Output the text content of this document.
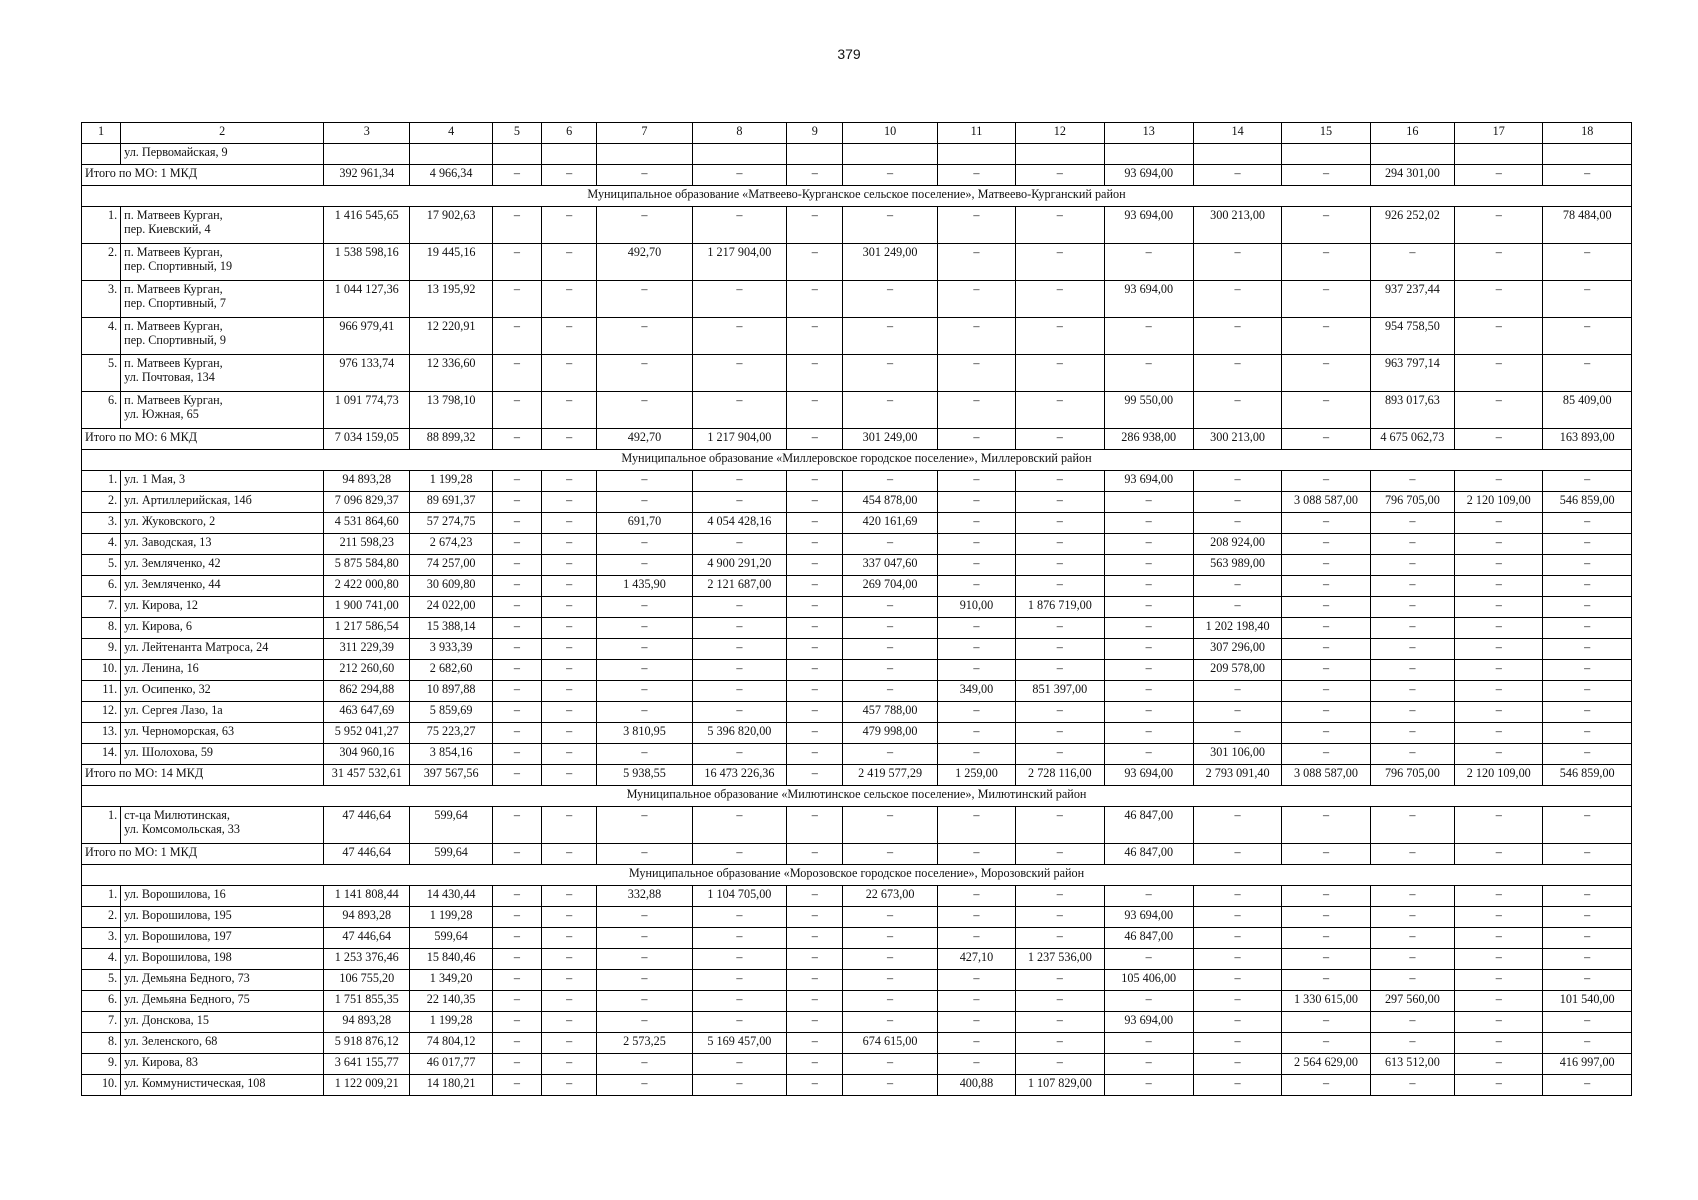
379
1	2	3	4	5	6	7	8	9	10	11	12	13	14	15	16	17	18
	ул. Первомайская, 9																
Итого по МО: 1 МКД		392 961,34	4 966,34	–	–	–	–	–	–	–	–	93 694,00	–	–	294 301,00	–	–
Муниципальное образование «Матвеево-Курганское сельское поселение», Матвеево-Курганский район																	
1.	п. Матвеев Курган,
пер. Киевский, 4	1 416 545,65	17 902,63	–	–	–	–	–	–	–	–	93 694,00	300 213,00	–	926 252,02	–	78 484,00
2.	п. Матвеев Курган,
пер. Спортивный, 19	1 538 598,16	19 445,16	–	–	492,70	1 217 904,00	–	301 249,00	–	–	–	–	–	–	–	–
3.	п. Матвеев Курган,
пер. Спортивный, 7	1 044 127,36	13 195,92	–	–	–	–	–	–	–	–	93 694,00	–	–	937 237,44	–	–
4.	п. Матвеев Курган,
пер. Спортивный, 9	966 979,41	12 220,91	–	–	–	–	–	–	–	–	–	–	–	954 758,50	–	–
5.	п. Матвеев Курган,
ул. Почтовая, 134	976 133,74	12 336,60	–	–	–	–	–	–	–	–	–	–	–	963 797,14	–	–
6.	п. Матвеев Курган,
ул. Южная, 65	1 091 774,73	13 798,10	–	–	–	–	–	–	–	–	99 550,00	–	–	893 017,63	–	85 409,00
Итого по МО: 6 МКД		7 034 159,05	88 899,32	–	–	492,70	1 217 904,00	–	301 249,00	–	–	286 938,00	300 213,00	–	4 675 062,73	–	163 893,00
Муниципальное образование «Миллеровское городское поселение», Миллеровский район																	
1.	ул. 1 Мая, 3	94 893,28	1 199,28	–	–	–	–	–	–	–	–	93 694,00	–	–	–	–	–
2.	ул. Артиллерийская, 14б	7 096 829,37	89 691,37	–	–	–	–	–	454 878,00	–	–	–	–	3 088 587,00	796 705,00	2 120 109,00	546 859,00
3.	ул. Жуковского, 2	4 531 864,60	57 274,75	–	–	691,70	4 054 428,16	–	420 161,69	–	–	–	–	–	–	–	–
4.	ул. Заводская, 13	211 598,23	2 674,23	–	–	–	–	–	–	–	–	–	208 924,00	–	–	–	–
5.	ул. Земляченко, 42	5 875 584,80	74 257,00	–	–	–	4 900 291,20	–	337 047,60	–	–	–	563 989,00	–	–	–	–
6.	ул. Земляченко, 44	2 422 000,80	30 609,80	–	–	1 435,90	2 121 687,00	–	269 704,00	–	–	–	–	–	–	–	–
7.	ул. Кирова, 12	1 900 741,00	24 022,00	–	–	–	–	–	–	910,00	1 876 719,00	–	–	–	–	–	–
8.	ул. Кирова, 6	1 217 586,54	15 388,14	–	–	–	–	–	–	–	–	–	1 202 198,40	–	–	–	–
9.	ул. Лейтенанта Матроса, 24	311 229,39	3 933,39	–	–	–	–	–	–	–	–	–	307 296,00	–	–	–	–
10.	ул. Ленина, 16	212 260,60	2 682,60	–	–	–	–	–	–	–	–	–	209 578,00	–	–	–	–
11.	ул. Осипенко, 32	862 294,88	10 897,88	–	–	–	–	–	–	349,00	851 397,00	–	–	–	–	–	–
12.	ул. Сергея Лазо, 1а	463 647,69	5 859,69	–	–	–	–	–	457 788,00	–	–	–	–	–	–	–	–
13.	ул. Черноморская, 63	5 952 041,27	75 223,27	–	–	3 810,95	5 396 820,00	–	479 998,00	–	–	–	–	–	–	–	–
14.	ул. Шолохова, 59	304 960,16	3 854,16	–	–	–	–	–	–	–	–	–	301 106,00	–	–	–	–
Итого по МО: 14 МКД		31 457 532,61	397 567,56	–	–	5 938,55	16 473 226,36	–	2 419 577,29	1 259,00	2 728 116,00	93 694,00	2 793 091,40	3 088 587,00	796 705,00	2 120 109,00	546 859,00
Муниципальное образование «Милютинское сельское поселение», Милютинский район																	
1.	ст-ца Милютинская,
ул. Комсомольская, 33	47 446,64	599,64	–	–	–	–	–	–	–	–	46 847,00	–	–	–	–	–
Итого по МО: 1 МКД		47 446,64	599,64	–	–	–	–	–	–	–	–	46 847,00	–	–	–	–	–
Муниципальное образование «Морозовское городское поселение», Морозовский район																	
1.	ул. Ворошилова, 16	1 141 808,44	14 430,44	–	–	332,88	1 104 705,00	–	22 673,00	–	–	–	–	–	–	–	–
2.	ул. Ворошилова, 195	94 893,28	1 199,28	–	–	–	–	–	–	–	–	93 694,00	–	–	–	–	–
3.	ул. Ворошилова, 197	47 446,64	599,64	–	–	–	–	–	–	–	–	46 847,00	–	–	–	–	–
4.	ул. Ворошилова, 198	1 253 376,46	15 840,46	–	–	–	–	–	–	427,10	1 237 536,00	–	–	–	–	–	–
5.	ул. Демьяна Бедного, 73	106 755,20	1 349,20	–	–	–	–	–	–	–	–	105 406,00	–	–	–	–	–
6.	ул. Демьяна Бедного, 75	1 751 855,35	22 140,35	–	–	–	–	–	–	–	–	–	–	1 330 615,00	297 560,00	–	101 540,00
7.	ул. Донскова, 15	94 893,28	1 199,28	–	–	–	–	–	–	–	–	93 694,00	–	–	–	–	–
8.	ул. Зеленского, 68	5 918 876,12	74 804,12	–	–	2 573,25	5 169 457,00	–	674 615,00	–	–	–	–	–	–	–	–
9.	ул. Кирова, 83	3 641 155,77	46 017,77	–	–	–	–	–	–	–	–	–	–	2 564 629,00	613 512,00	–	416 997,00
10.	ул. Коммунистическая, 108	1 122 009,21	14 180,21	–	–	–	–	–	–	400,88	1 107 829,00	–	–	–	–	–	–
